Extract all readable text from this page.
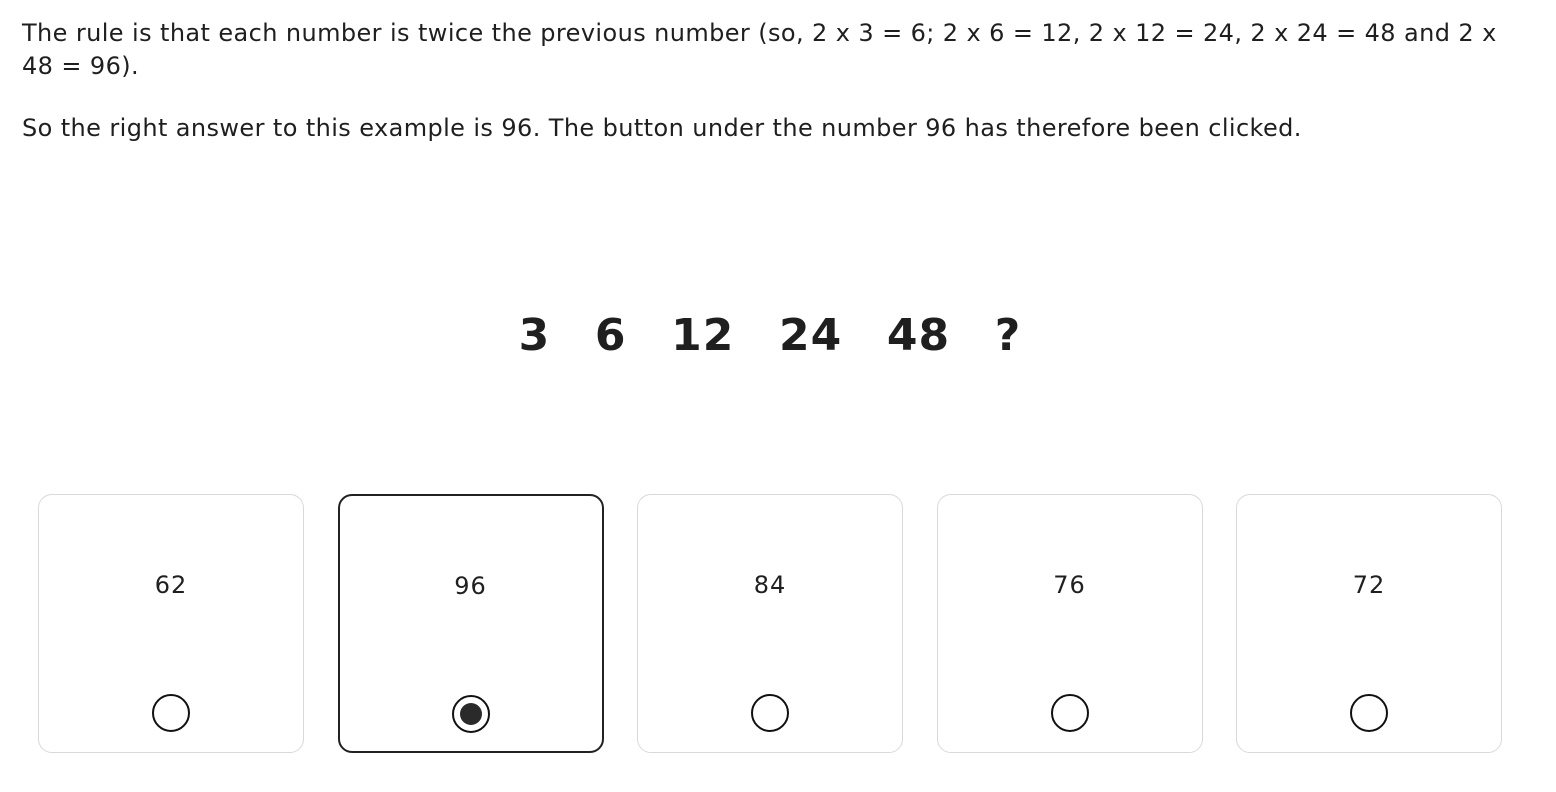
The rule is that each number is twice the previous number (so, 2 x 3 = 6; 2 x 6 = 12, 2 x 12 = 24, 2 x 24 = 48 and 2 x 48 = 96).

So the right answer to this example is 96. The button under the number 96 has therefore been clicked.

3  6  12  24  48  ?
62	96	84	76	72
